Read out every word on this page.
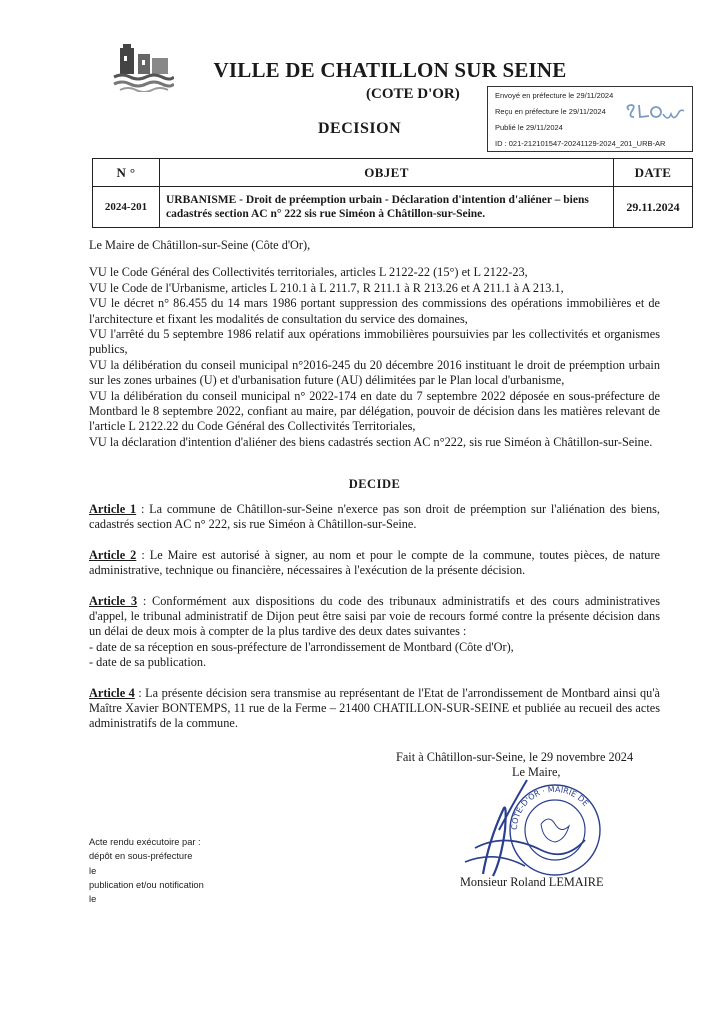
VILLE DE CHATILLON SUR SEINE
(COTE D'OR)
DECISION
Envoyé en préfecture le 29/11/2024
Reçu en préfecture le 29/11/2024
Publié le 29/11/2024
ID : 021-212101547-20241129-2024_201_URB-AR
N °	OBJET	DATE
2024-201	URBANISME - Droit de préemption urbain - Déclaration d'intention d'aliéner – biens cadastrés section AC n° 222 sis rue Siméon à Châtillon-sur-Seine.	29.11.2024

Le Maire de Châtillon-sur-Seine (Côte d'Or),

VU le Code Général des Collectivités territoriales, articles L 2122-22 (15°) et L 2122-23,

VU le Code de l'Urbanisme, articles L 210.1 à L 211.7, R 211.1 à R 213.26 et A 211.1 à A 213.1,

VU le décret n° 86.455 du 14 mars 1986 portant suppression des commissions des opérations immobilières et de l'architecture et fixant les modalités de consultation du service des domaines,

VU l'arrêté du 5 septembre 1986 relatif aux opérations immobilières poursuivies par les collectivités et organismes publics,

VU la délibération du conseil municipal n°2016-245 du 20 décembre 2016 instituant le droit de préemption urbain sur les zones urbaines (U) et d'urbanisation future (AU) délimitées par le Plan local d'urbanisme,

VU la délibération du conseil municipal n° 2022-174 en date du 7 septembre 2022 déposée en sous-préfecture de Montbard le 8 septembre 2022, confiant au maire, par délégation, pouvoir de décision dans les matières relevant de l'article L 2122.22 du Code Général des Collectivités Territoriales,

VU la déclaration d'intention d'aliéner des biens cadastrés section AC n°222, sis rue Siméon à Châtillon-sur-Seine.

DECIDE

Article 1 : La commune de Châtillon-sur-Seine n'exerce pas son droit de préemption sur l'aliénation des biens, cadastrés section AC n° 222, sis rue Siméon à Châtillon-sur-Seine.

Article 2 : Le Maire est autorisé à signer, au nom et pour le compte de la commune, toutes pièces, de nature administrative, technique ou financière, nécessaires à l'exécution de la présente décision.

Article 3 : Conformément aux dispositions du code des tribunaux administratifs et des cours administratives d'appel, le tribunal administratif de Dijon peut être saisi par voie de recours formé contre la présente décision dans un délai de deux mois à compter de la plus tardive des deux dates suivantes :

- date de sa réception en sous-préfecture de l'arrondissement de Montbard (Côte d'Or),

- date de sa publication.

Article 4 : La présente décision sera transmise au représentant de l'Etat de l'arrondissement de Montbard ainsi qu'à Maître Xavier BONTEMPS, 11 rue de la Ferme – 21400 CHATILLON-SUR-SEINE et publiée au recueil des actes administratifs de la commune.

Fait à Châtillon-sur-Seine, le 29 novembre 2024
Le Maire,
CÔTE-D'OR · MAIRIE DE
Monsieur Roland LEMAIRE
Acte rendu exécutoire par :
dépôt en sous-préfecture
le
publication et/ou notification
le
